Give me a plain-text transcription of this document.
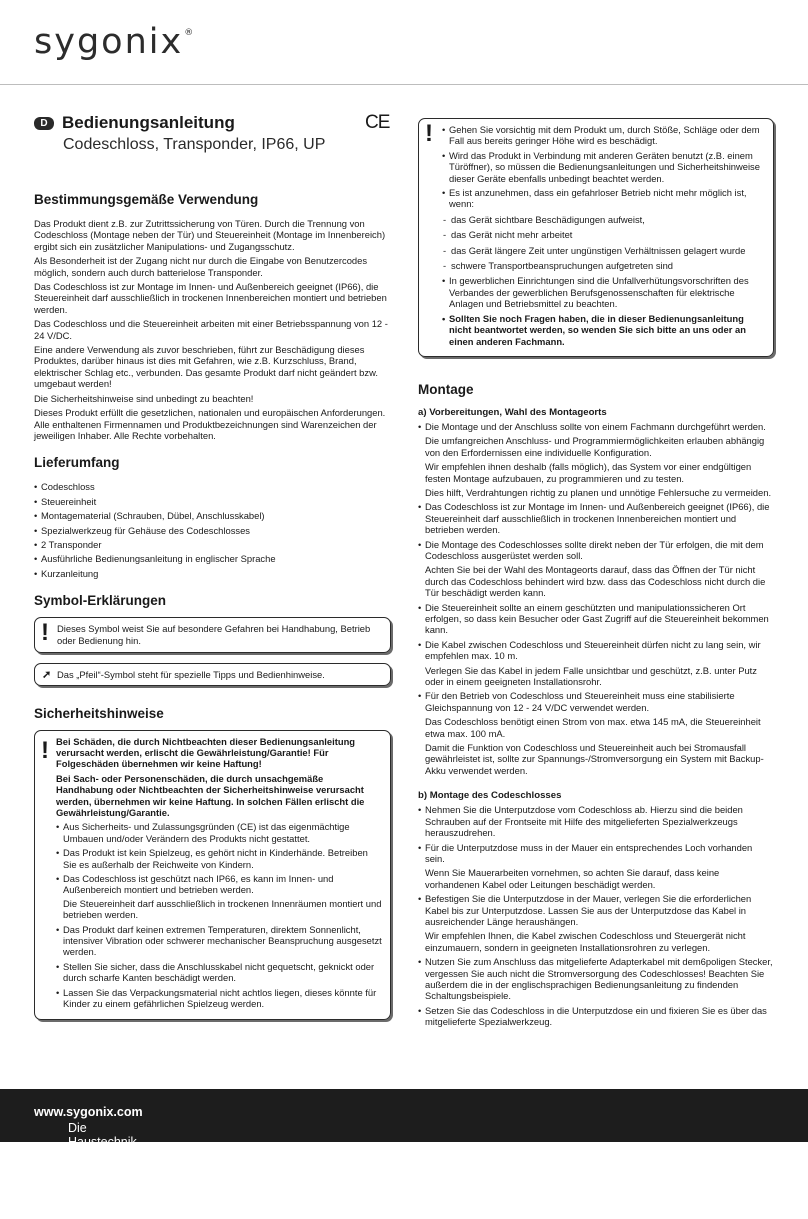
sygonix®
D Bedienungsanleitung
Codeschloss, Transponder, IP66, UP
CE
Bestimmungsgemäße Verwendung

Das Produkt dient z.B. zur Zutrittssicherung von Türen. Durch die Trennung von Codeschloss (Montage neben der Tür) und Steuereinheit (Montage im Innenbereich) ergibt sich ein zusätzlicher Manipulations- und Zugangsschutz.

Als Besonderheit ist der Zugang nicht nur durch die Eingabe von Benutzercodes möglich, sondern auch durch batterielose Transponder.

Das Codeschloss ist zur Montage im Innen- und Außenbereich geeignet (IP66), die Steuereinheit darf ausschließlich in trockenen Innenbereichen montiert und betrieben werden.

Das Codeschloss und die Steuereinheit arbeiten mit einer Betriebsspannung von 12 - 24 V/DC.

Eine andere Verwendung als zuvor beschrieben, führt zur Beschädigung dieses Produktes, darüber hinaus ist dies mit Gefahren, wie z.B. Kurzschluss, Brand, elektrischer Schlag etc., verbunden. Das gesamte Produkt darf nicht geändert bzw. umgebaut werden!

Die Sicherheitshinweise sind unbedingt zu beachten!

Dieses Produkt erfüllt die gesetzlichen, nationalen und europäischen Anforderungen. Alle enthaltenen Firmennamen und Produktbezeichnungen sind Warenzeichen der jeweiligen Inhaber. Alle Rechte vorbehalten.

Lieferumfang
• Codeschloss
• Steuereinheit
• Montagematerial (Schrauben, Dübel, Anschlusskabel)
• Spezialwerkzeug für Gehäuse des Codeschlosses
• 2 Transponder
• Ausführliche Bedienungsanleitung in englischer Sprache
• Kurzanleitung
Symbol-Erklärungen
! Dieses Symbol weist Sie auf besondere Gefahren bei Handhabung, Betrieb oder Bedienung hin.
➚ Das „Pfeil“-Symbol steht für spezielle Tipps und Bedienhinweise.
Sicherheitshinweise
! Bei Schäden, die durch Nichtbeachten dieser Bedienungsanleitung verursacht werden, erlischt die Gewährleistung/Garantie! Für Folgeschäden übernehmen wir keine Haftung!

Bei Sach- oder Personenschäden, die durch unsachgemäße Handhabung oder Nichtbeachten der Sicherheitshinweise verursacht werden, übernehmen wir keine Haftung. In solchen Fällen erlischt die Gewährleistung/Garantie.

• Aus Sicherheits- und Zulassungsgründen (CE) ist das eigenmächtige Umbauen und/oder Verändern des Produkts nicht gestattet.
• Das Produkt ist kein Spielzeug, es gehört nicht in Kinderhände. Betreiben Sie es außerhalb der Reichweite von Kindern.
• Das Codeschloss ist geschützt nach IP66, es kann im Innen- und Außenbereich montiert und betrieben werden.
Die Steuereinheit darf ausschließlich in trockenen Innenräumen montiert und betrieben werden.
• Das Produkt darf keinen extremen Temperaturen, direktem Sonnenlicht, intensiver Vibration oder schwerer mechanischer Beanspruchung ausgesetzt werden.
• Stellen Sie sicher, dass die Anschlusskabel nicht gequetscht, geknickt oder durch scharfe Kanten beschädigt werden.
• Lassen Sie das Verpackungsmaterial nicht achtlos liegen, dieses könnte für Kinder zu einem gefährlichen Spielzeug werden.
!
•	Gehen Sie vorsichtig mit dem Produkt um, durch Stöße, Schläge oder dem Fall aus bereits geringer Höhe wird es beschädigt.
• Wird das Produkt in Verbindung mit anderen Geräten benutzt (z.B. einem Türöffner), so müssen die Bedienungsanleitungen und Sicherheitshinweise dieser Geräte ebenfalls unbedingt beachtet werden.
• Es ist anzunehmen, dass ein gefahrloser Betrieb nicht mehr möglich ist, wenn:
- das Gerät sichtbare Beschädigungen aufweist,
- das Gerät nicht mehr arbeitet
- das Gerät längere Zeit unter ungünstigen Verhältnissen gelagert wurde
- schwere Transportbeanspruchungen aufgetreten sind
• In gewerblichen Einrichtungen sind die Unfallverhütungsvorschriften des Verbandes der gewerblichen Berufsgenossenschaften für elektrische Anlagen und Betriebsmittel zu beachten.
• Sollten Sie noch Fragen haben, die in dieser Bedienungsanleitung nicht beantwortet werden, so wenden Sie sich bitte an uns oder an einen anderen Fachmann.
Montage
a) Vorbereitungen, Wahl des Montageorts
• Die Montage und der Anschluss sollte von einem Fachmann durchgeführt werden.
Die umfangreichen Anschluss- und Programmiermöglichkeiten erlauben abhängig von den Erfordernissen eine individuelle Konfiguration.
Wir empfehlen ihnen deshalb (falls möglich), das System vor einer endgültigen festen Montage aufzubauen, zu programmieren und zu testen.
Dies hilft, Verdrahtungen richtig zu planen und unnötige Fehlersuche zu vermeiden.
• Das Codeschloss ist zur Montage im Innen- und Außenbereich geeignet (IP66), die Steuereinheit darf ausschließlich in trockenen Innenbereichen montiert und betrieben werden.
• Die Montage des Codeschlosses sollte direkt neben der Tür erfolgen, die mit dem Codeschloss ausgerüstet werden soll.
Achten Sie bei der Wahl des Montageorts darauf, dass das Öffnen der Tür nicht durch das Codeschloss behindert wird bzw. dass das Codeschloss nicht durch die Tür beschädigt werden kann.
• Die Steuereinheit sollte an einem geschützten und manipulationssicheren Ort erfolgen, so dass kein Besucher oder Gast Zugriff auf die Steuereinheit bekommen kann.
• Die Kabel zwischen Codeschloss und Steuereinheit dürfen nicht zu lang sein, wir empfehlen max. 10 m.
Verlegen Sie das Kabel in jedem Falle unsichtbar und geschützt, z.B. unter Putz oder in einem geeigneten Installationsrohr.
• Für den Betrieb von Codeschloss und Steuereinheit muss eine stabilisierte Gleichspannung von 12 - 24 V/DC verwendet werden.
Das Codeschloss benötigt einen Strom von max. etwa 145 mA, die Steuereinheit etwa max. 100 mA.
Damit die Funktion von Codeschloss und Steuereinheit auch bei Stromausfall gewährleistet ist, sollte zur Spannungs-/Stromversorgung ein System mit Backup-Akku verwendet werden.
b) Montage des Codeschlosses
• Nehmen Sie die Unterputzdose vom Codeschloss ab. Hierzu sind die beiden Schrauben auf der Frontseite mit Hilfe des mitgelieferten Spezialwerkzeugs herauszudrehen.
• Für die Unterputzdose muss in der Mauer ein entsprechendes Loch vorhanden sein.
Wenn Sie Mauerarbeiten vornehmen, so achten Sie darauf, dass keine vorhandenen Kabel oder Leitungen beschädigt werden.
• Befestigen Sie die Unterputzdose in der Mauer, verlegen Sie die erforderlichen Kabel bis zur Unterputzdose. Lassen Sie aus der Unterputzdose das Kabel in ausreichender Länge heraushängen.
Wir empfehlen Ihnen, die Kabel zwischen Codeschloss und Steuergerät nicht einzumauern, sondern in geeigneten Installationsrohren zu verlegen.
• Nutzen Sie zum Anschluss das mitgelieferte Adapterkabel mit dem6poligen Stecker, vergessen Sie auch nicht die Stromversorgung des Codeschlosses! Beachten Sie außerdem die in der englischsprachigen Bedienungsanleitung zu findenden Schaltungsbeispiele.
• Setzen Sie das Codeschloss in die Unterputzdose ein und fixieren Sie es über das mitgelieferte Spezialwerkzeug.
Die Haustechnik-Marke für das ganze Haus. Mehr Informationen unter
www.sygonix.com
